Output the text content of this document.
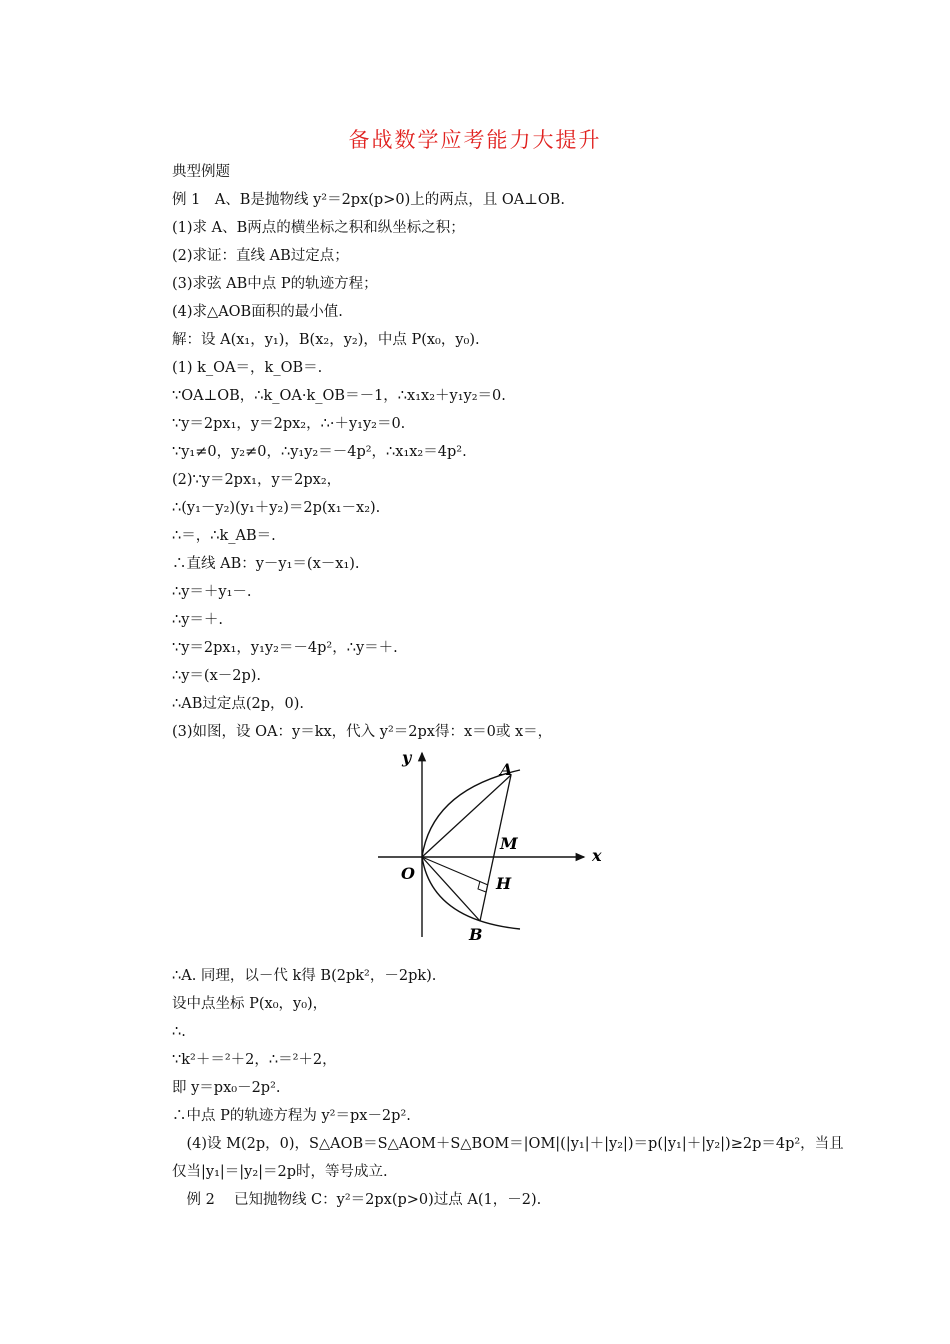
备战数学应考能力大提升
典型例题
例 1　A、B是抛物线 y²＝2px(p>0)上的两点，且 OA⊥OB.
(1)求 A、B两点的横坐标之积和纵坐标之积；
(2)求证：直线 AB过定点；
(3)求弦 AB中点 P的轨迹方程；
(4)求△AOB面积的最小值.
解：设 A(x₁，y₁)，B(x₂，y₂)，中点 P(x₀，y₀).
(1) k_OA＝，k_OB＝.
∵OA⊥OB，∴k_OA·k_OB＝－1，∴x₁x₂＋y₁y₂＝0.
∵y＝2px₁，y＝2px₂，∴·＋y₁y₂＝0.
∵y₁≠0，y₂≠0，∴y₁y₂＝－4p²，∴x₁x₂＝4p².
(2)∵y＝2px₁，y＝2px₂，
∴(y₁－y₂)(y₁＋y₂)＝2p(x₁－x₂).
∴＝，∴k_AB＝.
∴直线 AB：y－y₁＝(x－x₁).
∴y＝＋y₁－.
∴y＝＋.
∵y＝2px₁，y₁y₂＝－4p²，∴y＝＋.
∴y＝(x－2p).
∴AB过定点(2p，0).
(3)如图，设 OA：y＝kx，代入 y²＝2px得：x＝0或 x＝，
y
x
O
A
B
M
H
∴A. 同理，以－代 k得 B(2pk²，－2pk).
设中点坐标 P(x₀，y₀)，
∴.
∵k²＋＝²＋2，∴＝²＋2，
即 y＝px₀－2p².
∴中点 P的轨迹方程为 y²＝px－2p².
　(4)设 M(2p，0)，S△AOB＝S△AOM＋S△BOM＝|OM|(|y₁|＋|y₂|)＝p(|y₁|＋|y₂|)≥2p＝4p²，当且
仅当|y₁|＝|y₂|＝2p时，等号成立.
　例 2　 已知抛物线 C：y²＝2px(p>0)过点 A(1，－2).
